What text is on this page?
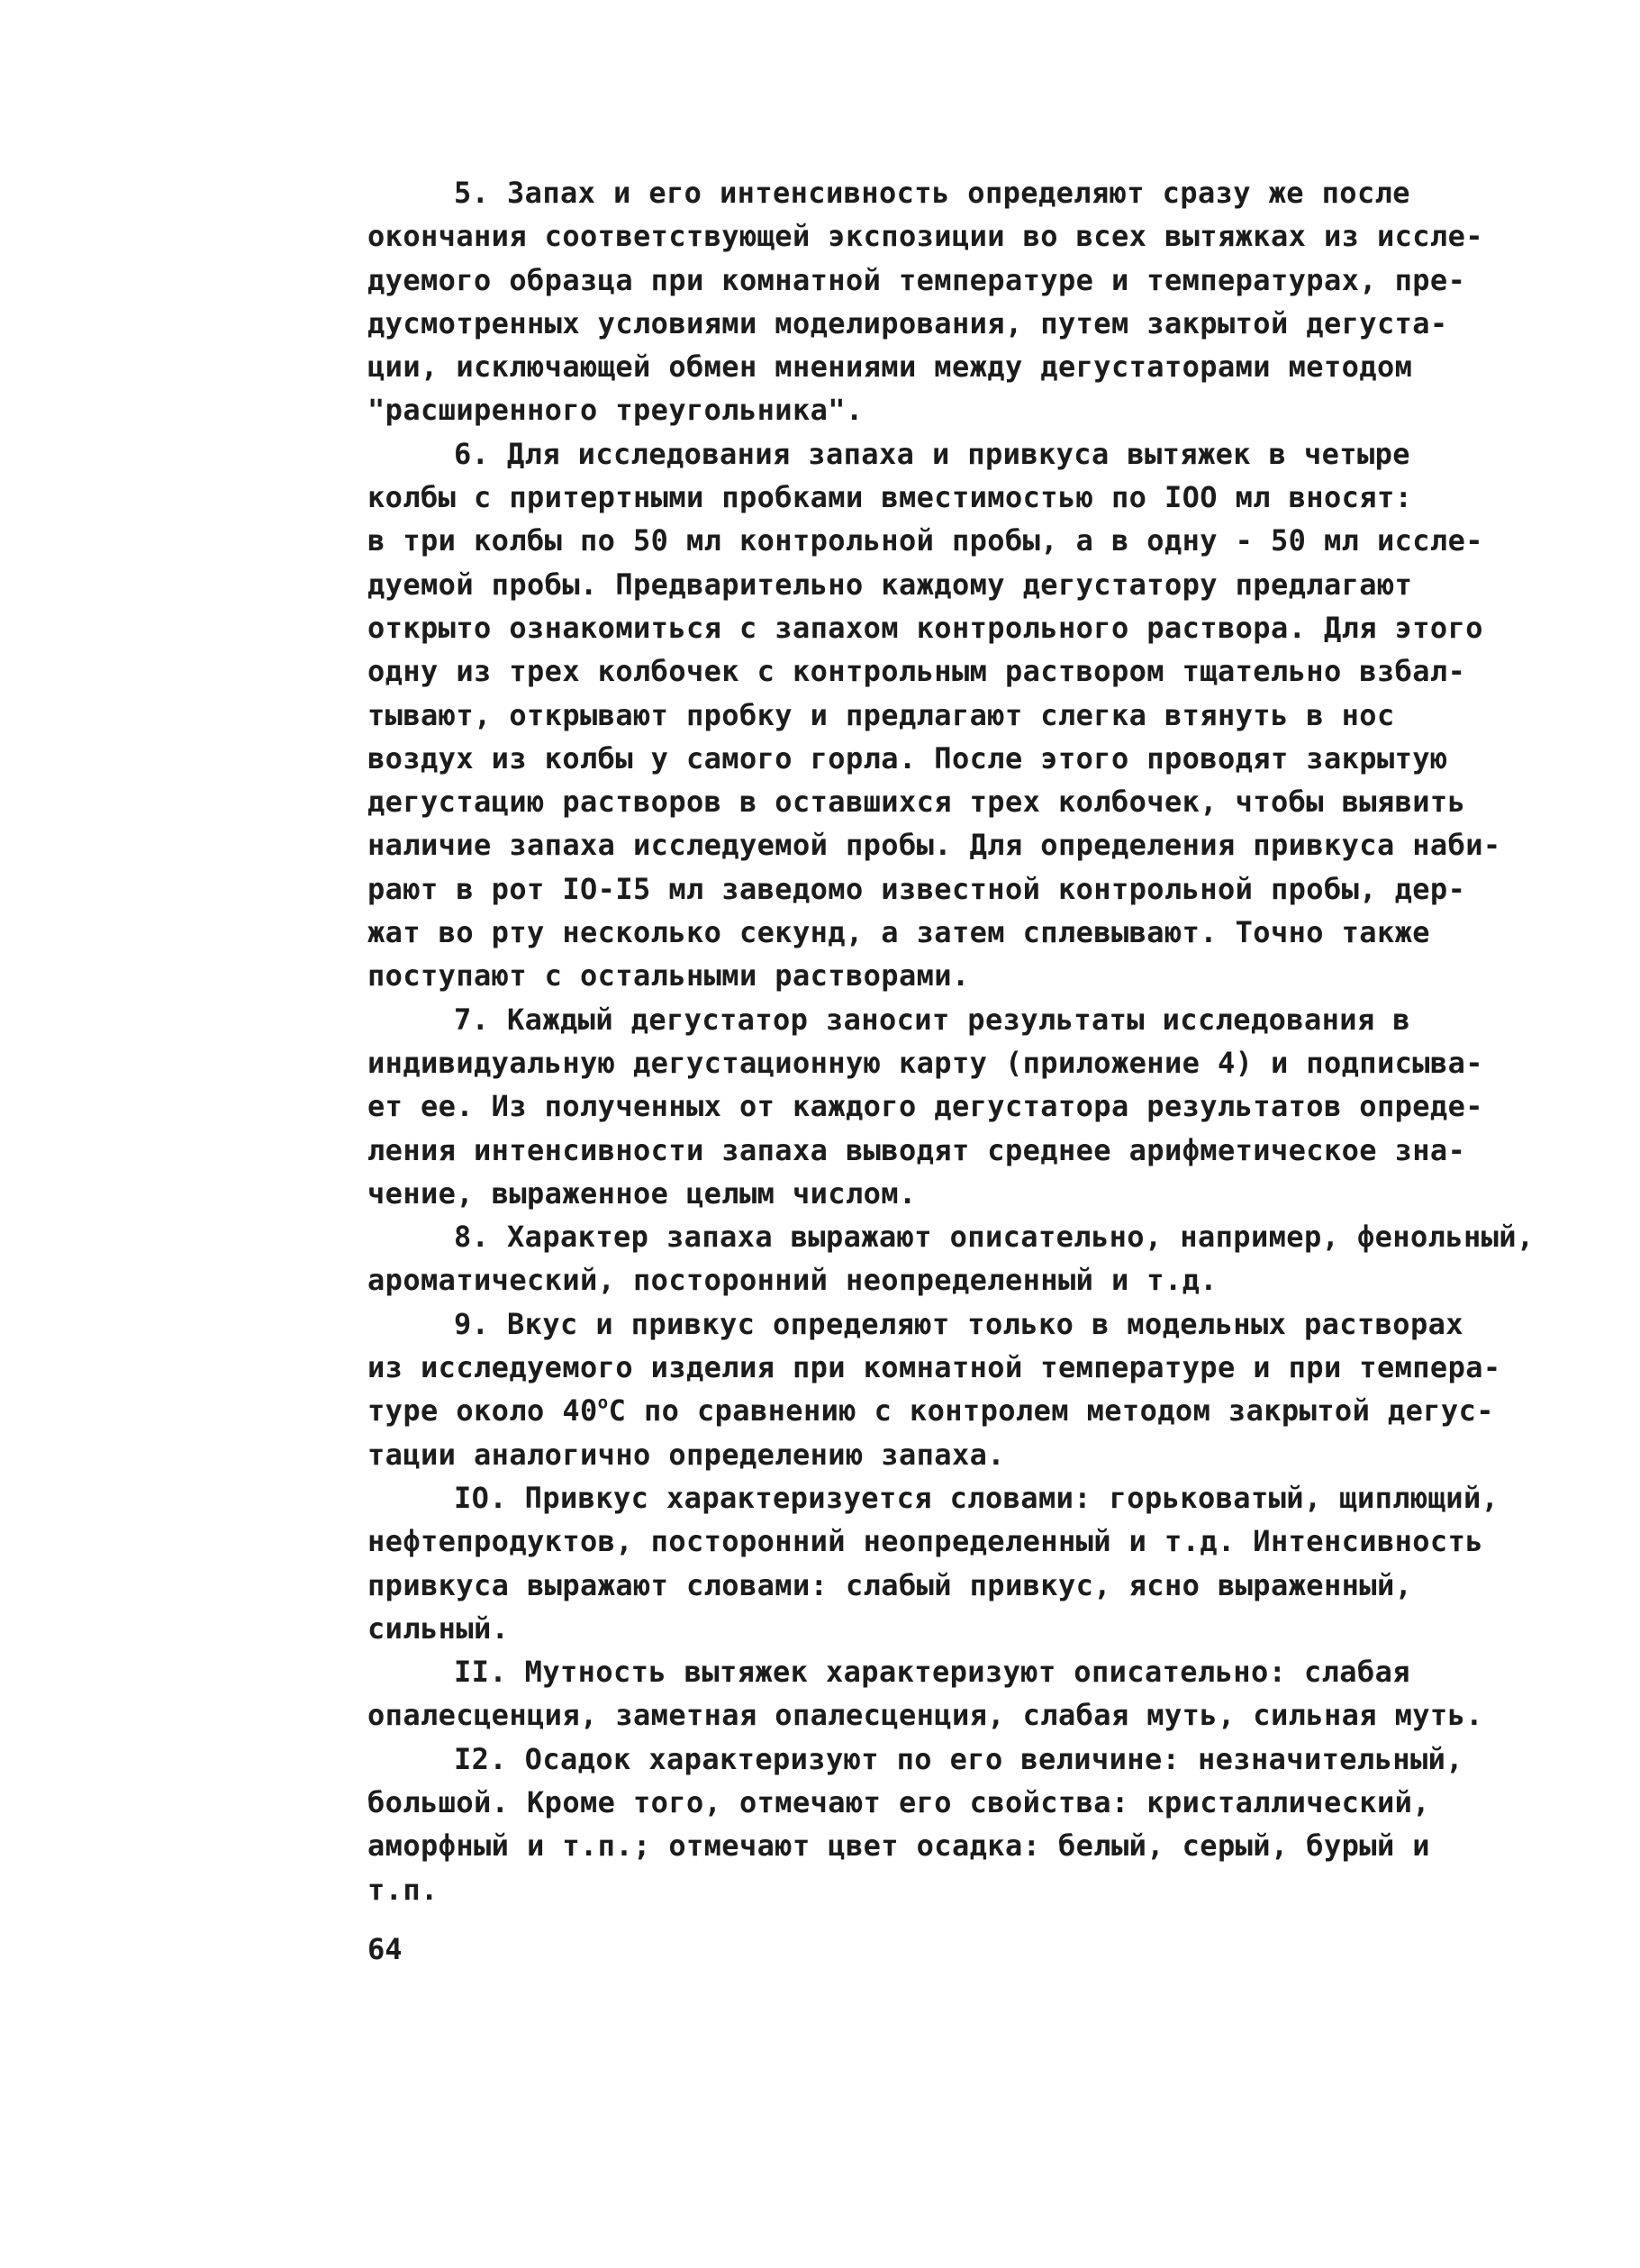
5. Запах и его интенсивность определяют сразу же после
окончания соответствующей экспозиции во всех вытяжках из иссле-
дуемого образца при комнатной температуре и температурах, пре-
дусмотренных условиями моделирования, путем закрытой дегуста-
ции, исключающей обмен мнениями между дегустаторами методом
"расширенного треугольника".
6. Для исследования запаха и привкуса вытяжек в четыре
колбы с притертными пробками вместимостью по IOO мл вносят:
в три колбы по 50 мл контрольной пробы, а в одну - 50 мл иссле-
дуемой пробы. Предварительно каждому дегустатору предлагают
открыто ознакомиться с запахом контрольного раствора. Для этого
одну из трех колбочек с контрольным раствором тщательно взбал-
тывают, открывают пробку и предлагают слегка втянуть в нос
воздух из колбы у самого горла. После этого проводят закрытую
дегустацию растворов в оставшихся трех колбочек, чтобы выявить
наличие запаха исследуемой пробы. Для определения привкуса наби-
рают в рот IO-I5 мл заведомо известной контрольной пробы, дер-
жат во рту несколько секунд, а затем сплевывают. Точно также
поступают с остальными растворами.
7. Каждый дегустатор заносит результаты исследования в
индивидуальную дегустационную карту (приложение 4) и подписыва-
ет ее. Из полученных от каждого дегустатора результатов опреде-
ления интенсивности запаха выводят среднее арифметическое зна-
чение, выраженное целым числом.
8. Характер запаха выражают описательно, например, фенольный,
ароматический, посторонний неопределенный и т.д.
9. Вкус и привкус определяют только в модельных растворах
из исследуемого изделия при комнатной температуре и при темпера-
туре около $40^оС$ по сравнению с контролем методом закрытой дегус-
тации аналогично определению запаха.
IO. Привкус характеризуется словами: горьковатый, щиплющий,
нефтепродуктов, посторонний неопределенный и т.д. Интенсивность
привкуса выражают словами: слабый привкус, ясно выраженный,
сильный.
II. Мутность вытяжек характеризуют описательно: слабая
опалесценция, заметная опалесценция, слабая муть, сильная муть.
I2. Осадок характеризуют по его величине: незначительный,
большой. Кроме того, отмечают его свойства: кристаллический,
аморфный и т.п.; отмечают цвет осадка: белый, серый, бурый и
т.п.
64
